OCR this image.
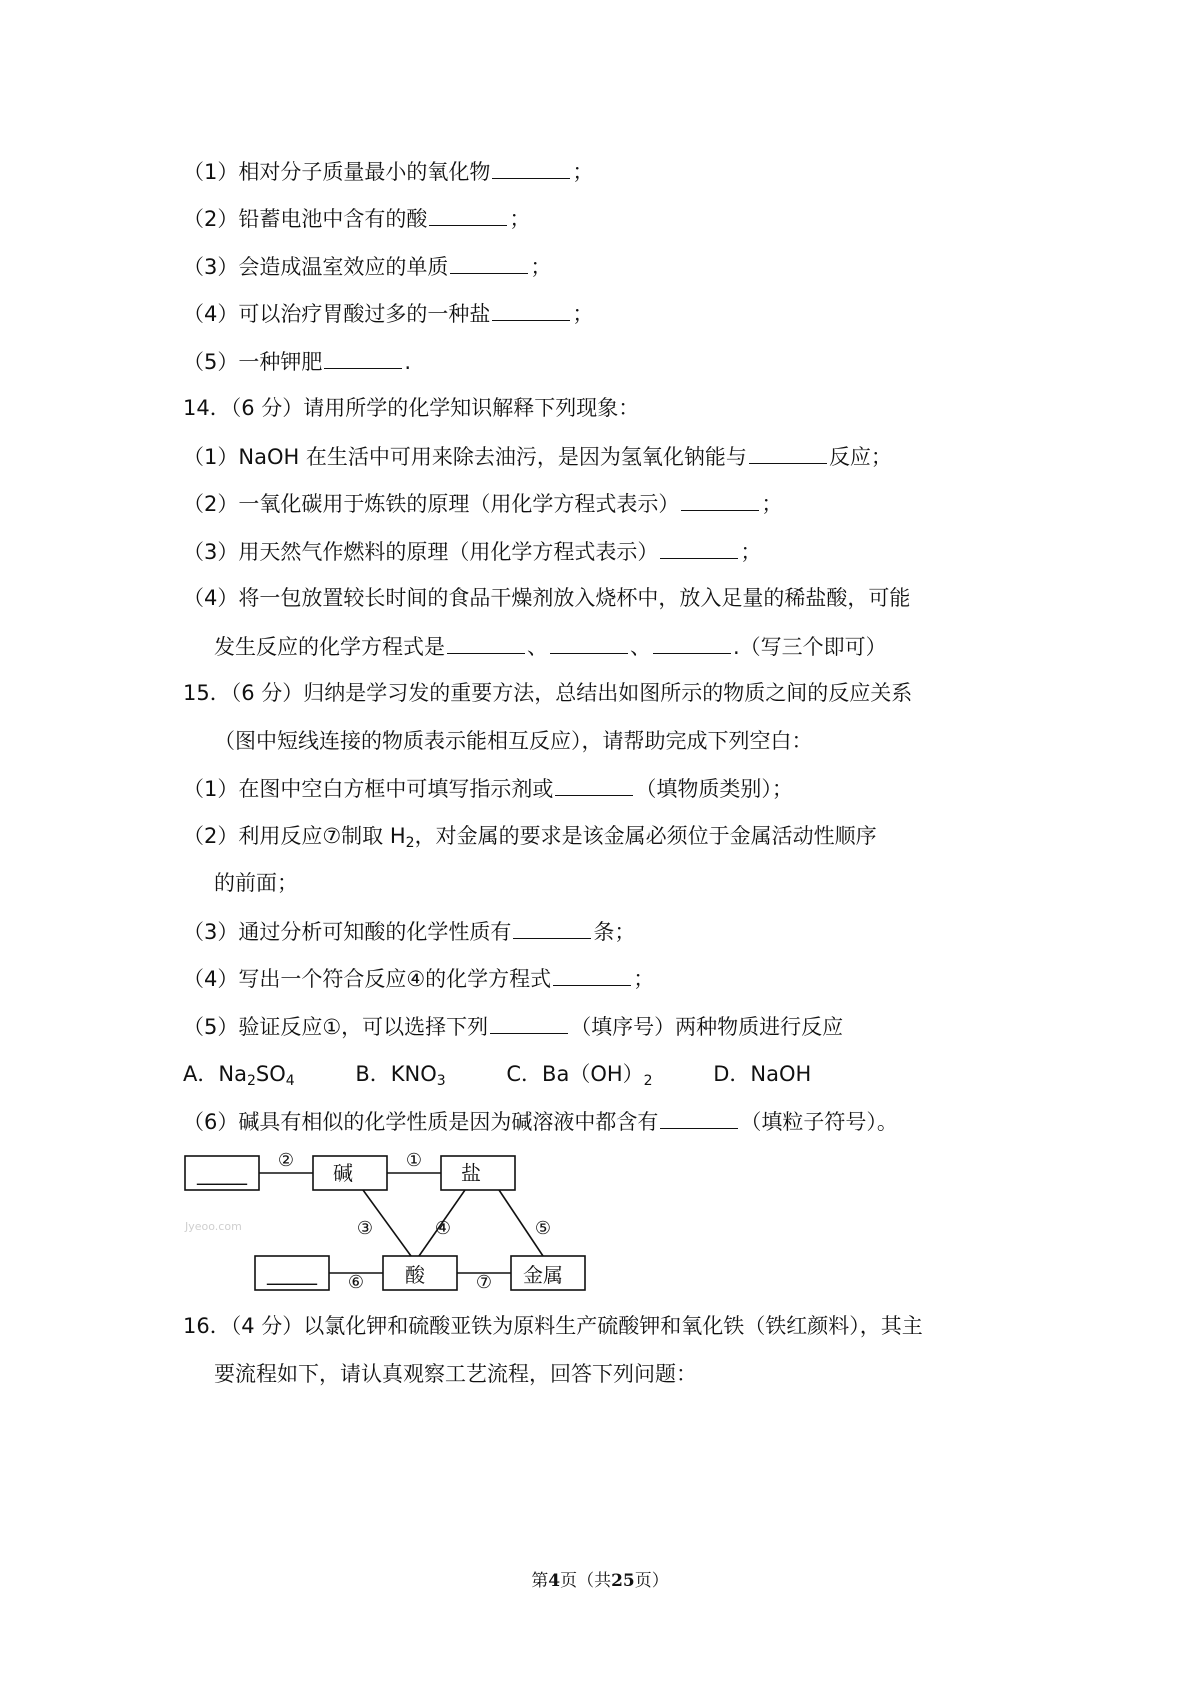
（1）相对分子质量最小的氧化物	；
（2）铅蓄电池中含有的酸	；
（3）会造成温室效应的单质	；
（4）可以治疗胃酸过多的一种盐	；
（5）一种钾肥	.
14．（6 分）请用所学的化学知识解释下列现象：
（1）NaOH 在生活中可用来除去油污，是因为氢氧化钠能与	反应；
（2）一氧化碳用于炼铁的原理（用化学方程式表示）	；
（3）用天然气作燃料的原理（用化学方程式表示）	；
（4）将一包放置较长时间的食品干燥剂放入烧杯中，放入足量的稀盐酸，可能
发生反应的化学方程式是	、	、	.（写三个即可）
15．（6 分）归纳是学习发的重要方法，总结出如图所示的物质之间的反应关系
（图中短线连接的物质表示能相互反应），请帮助完成下列空白：
（1）在图中空白方框中可填写指示剂或	（填物质类别）；
（2）利用反应⑦制取 $H_2$，对金属的要求是该金属必须位于金属活动性顺序
的前面；
（3）通过分析可知酸的化学性质有	条；
（4）写出一个符合反应④的化学方程式	；
（5）验证反应①，可以选择下列	（填序号）两种物质进行反应
A．$Na_2SO_4$	B．$KNO_3$	C．$Ba(OH)_2$	D．NaOH
（6）碱具有相似的化学性质是因为碱溶液中都含有	（填粒子符号）。
_____	碱	盐
_____	酸	金属
②	①
③	④	⑤
⑥	⑦
Jyeoo.com
16．（4 分）以氯化钾和硫酸亚铁为原料生产硫酸钾和氧化铁（铁红颜料），其主
要流程如下，请认真观察工艺流程，回答下列问题：
第4页（共25页）
